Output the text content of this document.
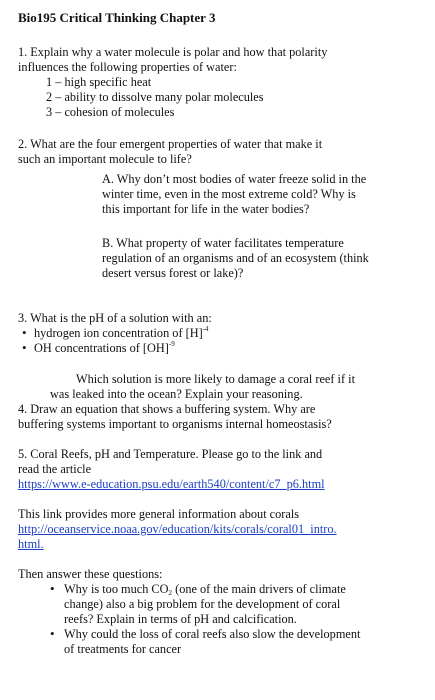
Bio195 Critical Thinking Chapter 3
1. Explain why a water molecule is polar and how that polarity
influences the following properties of water:
1 – high specific heat
2 – ability to dissolve many polar molecules
3 – cohesion of molecules
2. What are the four emergent properties of water that make it
such an important molecule to life?
A. Why don’t most bodies of water freeze solid in the
winter time, even in the most extreme cold? Why is
this important for life in the water bodies?
B. What property of water facilitates temperature
regulation of an organisms and of an ecosystem (think
desert versus forest or lake)?
3. What is the pH of a solution with an:
• hydrogen ion concentration of $[H]^{-4}$
• OH concentrations of [OH]$^{-9}$
Which solution is more likely to damage a coral reef if it
was leaked into the ocean? Explain your reasoning.
4. Draw an equation that shows a buffering system. Why are
buffering systems important to organisms internal homeostasis?
5. Coral Reefs, pH and Temperature. Please go to the link and
read the article
https://www.e-education.psu.edu/earth540/content/c7_p6.html
This link provides more general information about corals
http://oceanservice.noaa.gov/education/kits/corals/coral01_intro.
html.
Then answer these questions:
• Why is too much $CO_2$ (one of the main drivers of climate
change) also a big problem for the development of coral
reefs? Explain in terms of pH and calcification.
• Why could the loss of coral reefs also slow the development
of treatments for cancer
